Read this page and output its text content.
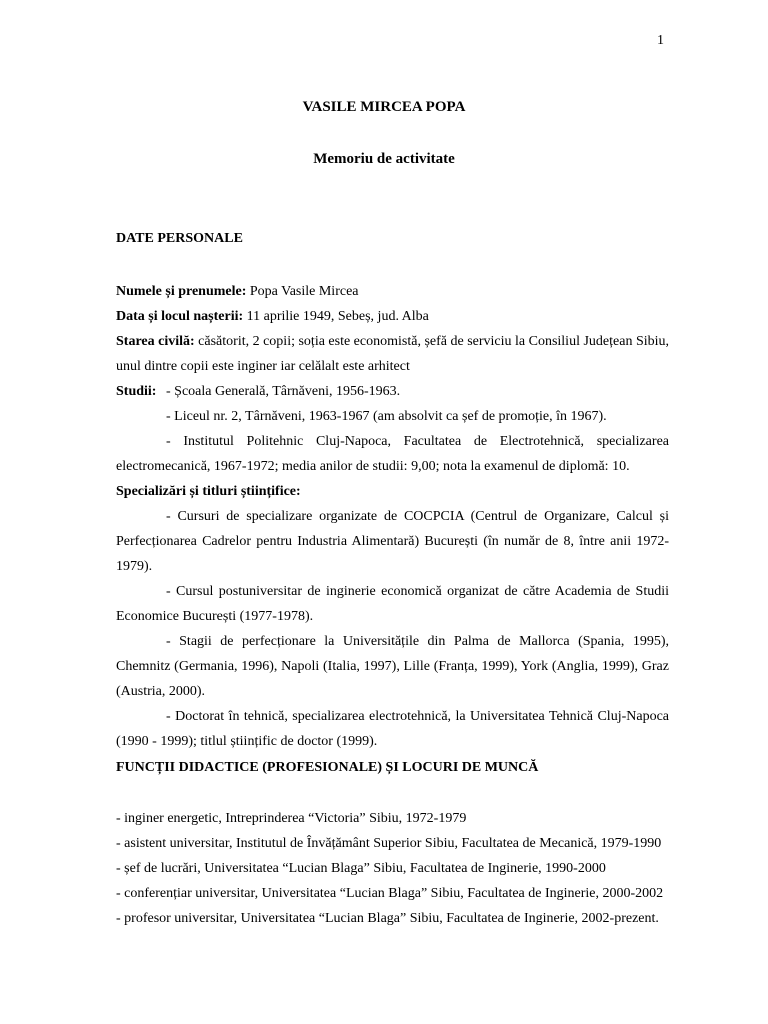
1
VASILE MIRCEA POPA
Memoriu de activitate
DATE PERSONALE

Numele și prenumele: Popa Vasile Mircea

Data și locul nașterii: 11 aprilie 1949, Sebeș, jud. Alba

Starea civilă: căsătorit, 2 copii; soția este economistă, șefă de serviciu la Consiliul Județean Sibiu, unul dintre copii este inginer iar celălalt este arhitect

Studii: - Școala Generală, Târnăveni, 1956-1963.

- Liceul nr. 2, Târnăveni, 1963-1967 (am absolvit ca șef de promoție, în 1967).

- Institutul Politehnic Cluj-Napoca, Facultatea de Electrotehnică, specializarea electromecanică, 1967-1972; media anilor de studii: 9,00; nota la examenul de diplomă: 10.

Specializări și titluri științifice:

- Cursuri de specializare organizate de COCPCIA (Centrul de Organizare, Calcul și Perfecționarea Cadrelor pentru Industria Alimentară) București (în număr de 8, între anii 1972-1979).

- Cursul postuniversitar de inginerie economică organizat de către Academia de Studii Economice București (1977-1978).

- Stagii de perfecționare la Universitățile din Palma de Mallorca (Spania, 1995), Chemnitz (Germania, 1996), Napoli (Italia, 1997), Lille (Franța, 1999), York (Anglia, 1999), Graz (Austria, 2000).

- Doctorat în tehnică, specializarea electrotehnică, la Universitatea Tehnică Cluj-Napoca (1990 - 1999); titlul științific de doctor (1999).

FUNCȚII DIDACTICE (PROFESIONALE) ȘI LOCURI DE MUNCĂ

- inginer energetic, Intreprinderea “Victoria” Sibiu, 1972-1979

- asistent universitar, Institutul de Învățământ Superior Sibiu, Facultatea de Mecanică, 1979-1990

- șef de lucrări, Universitatea “Lucian Blaga” Sibiu, Facultatea de Inginerie, 1990-2000

- conferențiar universitar, Universitatea “Lucian Blaga” Sibiu, Facultatea de Inginerie, 2000-2002

- profesor universitar, Universitatea “Lucian Blaga” Sibiu, Facultatea de Inginerie, 2002-prezent.
